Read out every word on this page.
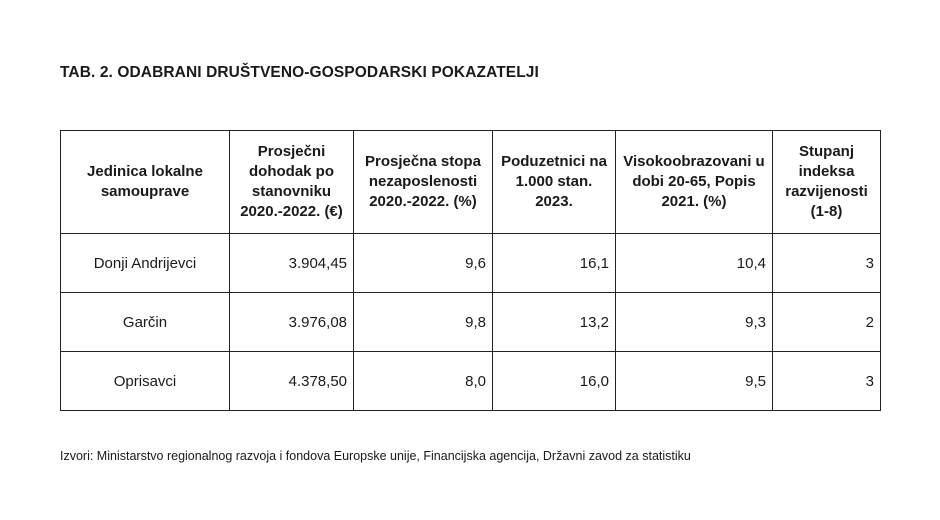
TAB. 2. ODABRANI DRUŠTVENO-GOSPODARSKI POKAZATELJI
Jedinica lokalne samouprave	Prosječni dohodak po stanovniku 2020.-2022. (€)	Prosječna stopa nezaposlenosti 2020.-2022. (%)	Poduzetnici na 1.000 stan. 2023.	Visokoobrazovani u dobi 20-65, Popis 2021. (%)	Stupanj indeksa razvijenosti (1-8)
Donji Andrijevci	3.904,45	9,6	16,1	10,4	3
Garčin	3.976,08	9,8	13,2	9,3	2
Oprisavci	4.378,50	8,0	16,0	9,5	3
Izvori: Ministarstvo regionalnog razvoja i fondova Europske unije, Financijska agencija, Državni zavod za statistiku
